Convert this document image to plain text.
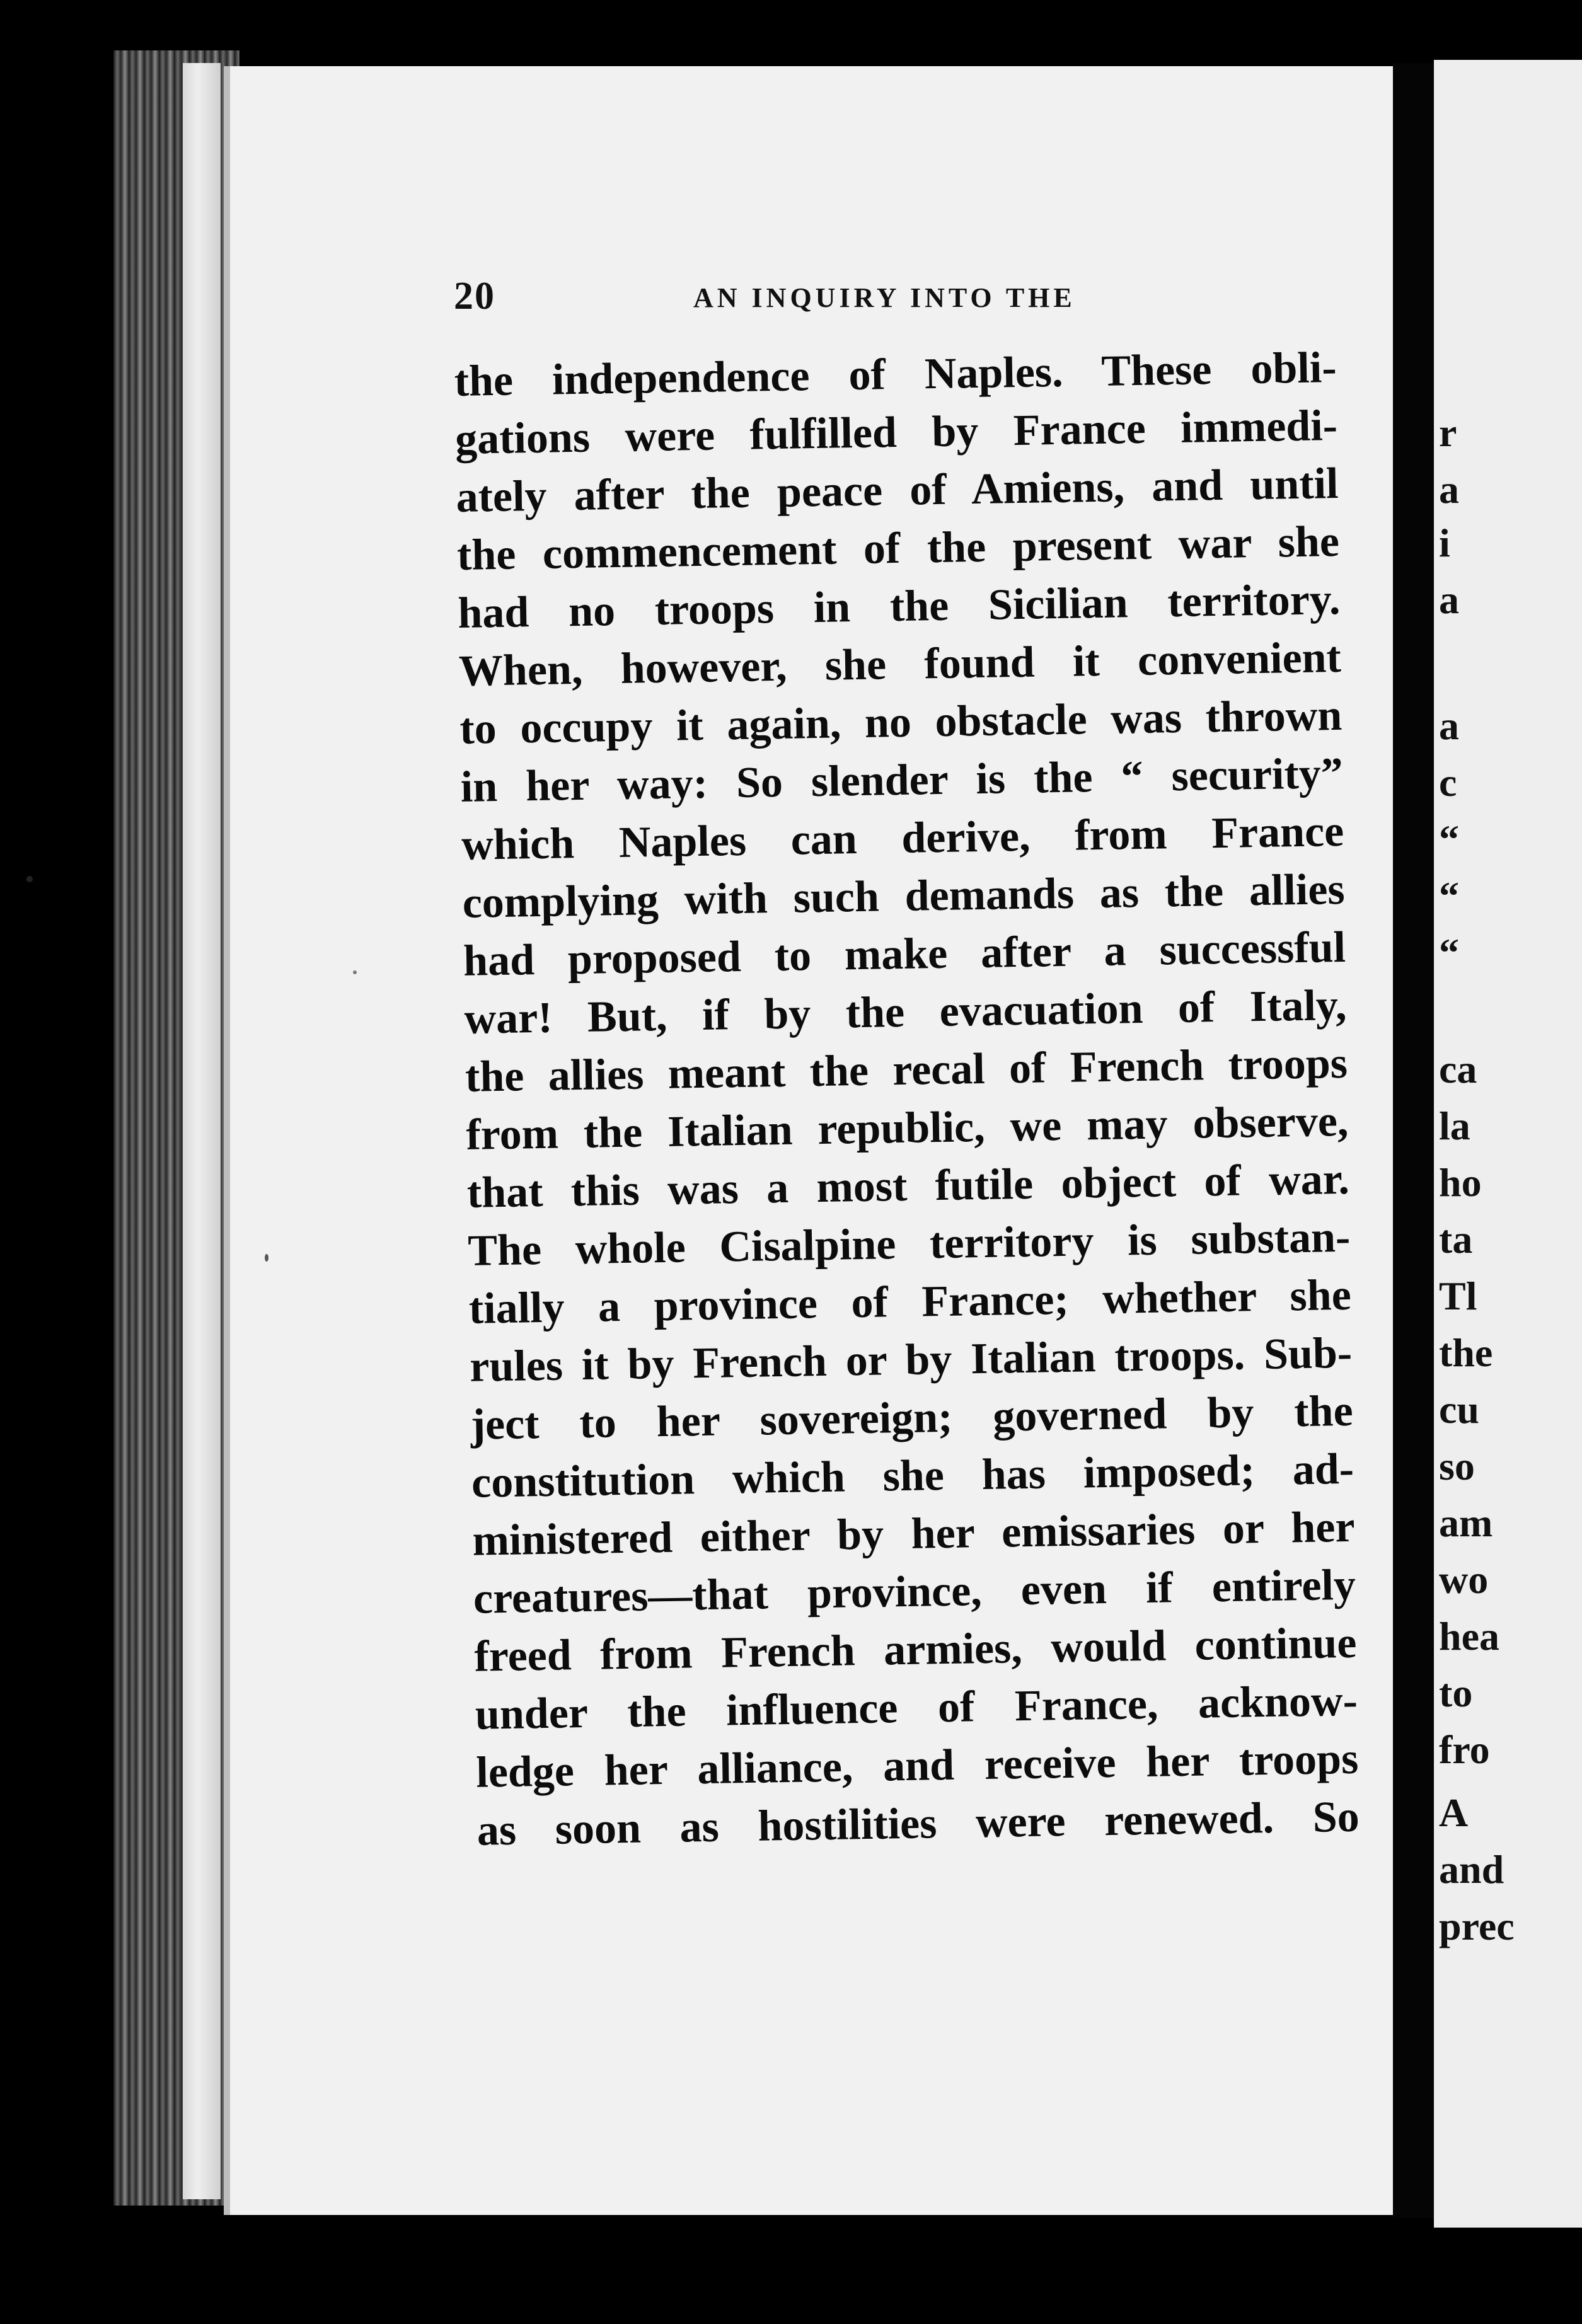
r
a
i
a
a
c
“
“
“
ca
la
ho
ta
Tl
the
cu
so
am
wo
hea
to
fro
A
and
prec
20	AN INQUIRY INTO THE
the independence of Naples. These obli-
gations were fulfilled by France immedi-
ately after the peace of Amiens, and until
the commencement of the present war she
had no troops in the Sicilian territory.
When, however, she found it convenient
to occupy it again, no obstacle was thrown
in her way: So slender is the “ security”
which Naples can derive, from France
complying with such demands as the allies
had proposed to make after a successful
war! But, if by the evacuation of Italy,
the allies meant the recal of French troops
from the Italian republic, we may observe,
that this was a most futile object of war.
The whole Cisalpine territory is substan-
tially a province of France; whether she
rules it by French or by Italian troops. Sub-
ject to her sovereign; governed by the
constitution which she has imposed; ad-
ministered either by her emissaries or her
creatures—that province, even if entirely
freed from French armies, would continue
under the influence of France, acknow-
ledge her alliance, and receive her troops
as soon as hostilities were renewed. So
